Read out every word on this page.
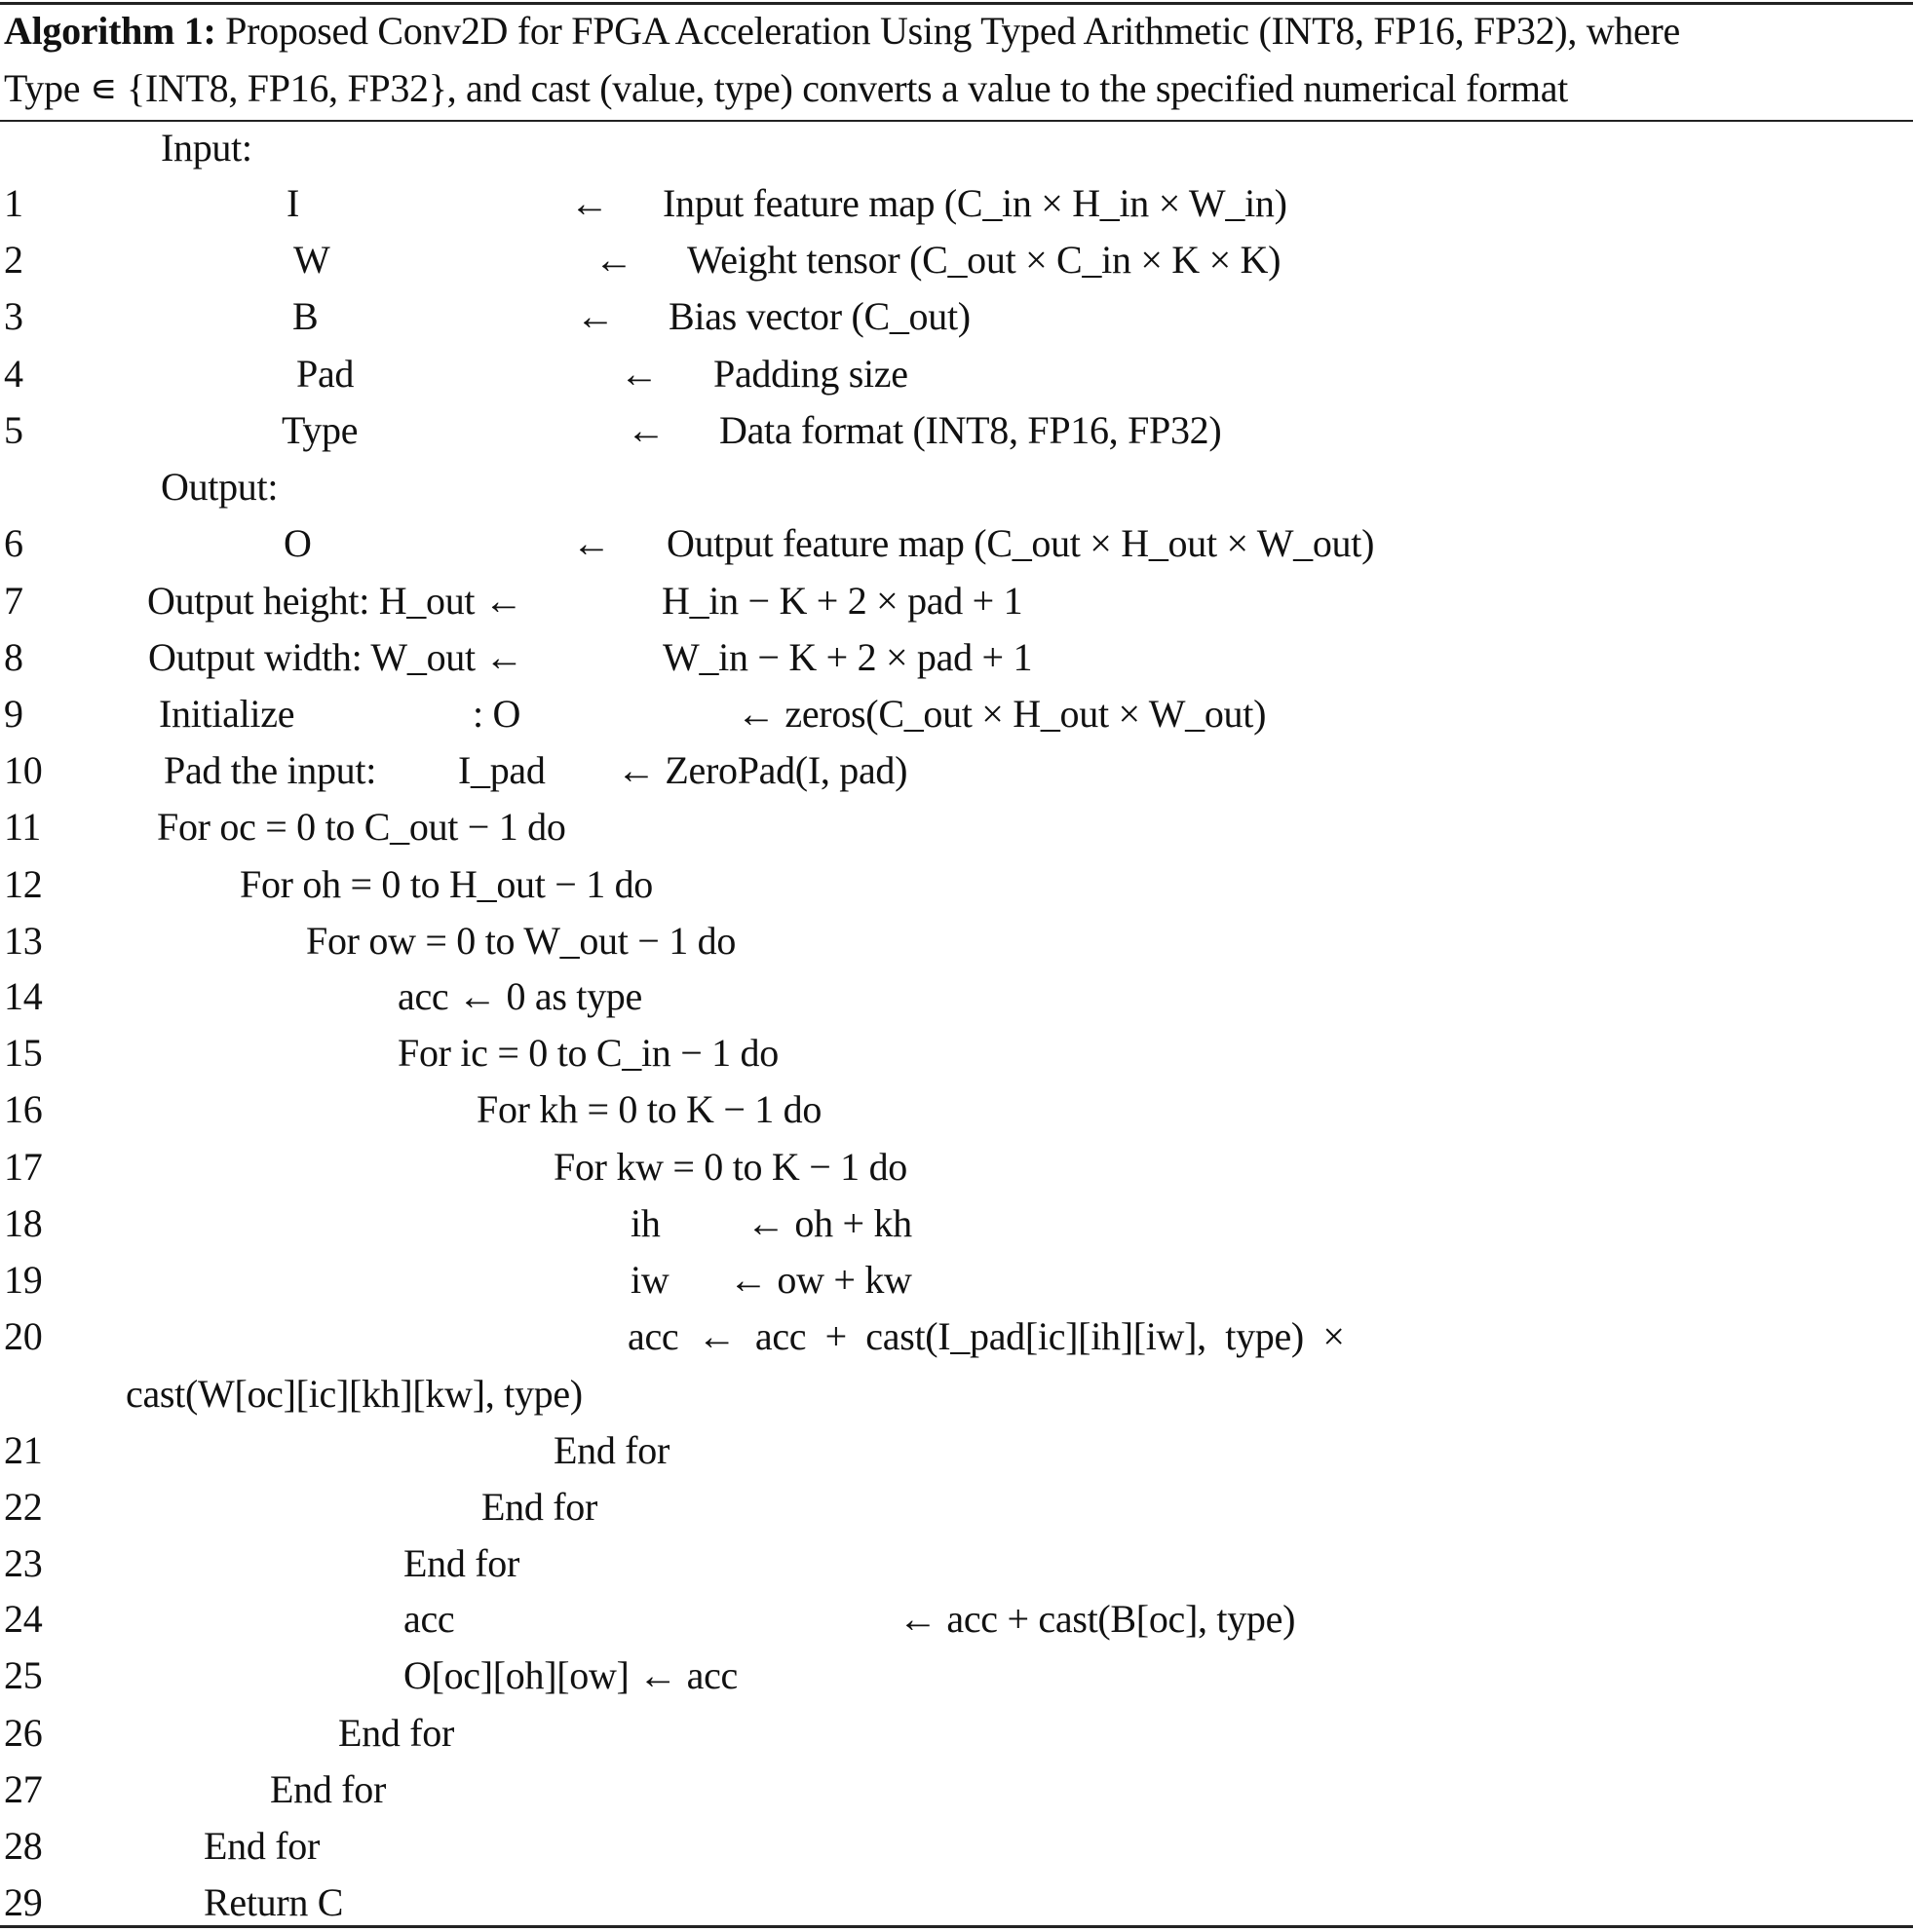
Algorithm 1: Proposed Conv2D for FPGA Acceleration Using Typed Arithmetic (INT8, FP16, FP32), where
Type ∊ {INT8, FP16, FP32}, and cast (value, type) converts a value to the specified numerical format
Input:
1	I	← Input feature map (C_in × H_in × W_in)
2	W	← Weight tensor (C_out × C_in × K × K)
3	B	← Bias vector (C_out)
4	Pad	← Padding size
5	Type	← Data format (INT8, FP16, FP32)
Output:
6	O	← Output feature map (C_out × H_out × W_out)
7	Output height: H_out ←	H_in − K + 2 × pad + 1
8	Output width: W_out ←	W_in − K + 2 × pad + 1
9	Initialize	: O	← zeros(C_out × H_out × W_out)
10	Pad the input: I_pad ← ZeroPad(I, pad)
11	For oc = 0 to C_out − 1 do
12	For oh = 0 to H_out − 1 do
13	For ow = 0 to W_out − 1 do
14	acc ← 0 as type
15	For ic = 0 to C_in − 1 do
16	For kh = 0 to K − 1 do
17	For kw = 0 to K − 1 do
18	ih ← oh + kh
19	iw ← ow + kw
20	acc  ←  acc  +  cast(I_pad[ic][ih][iw],  type)  ×
cast(W[oc][ic][kh][kw], type)
21	End for
22	End for
23	End for
24	acc	← acc + cast(B[oc], type)
25	O[oc][oh][ow] ← acc
26	End for
27	End for
28	End for
29	Return C
